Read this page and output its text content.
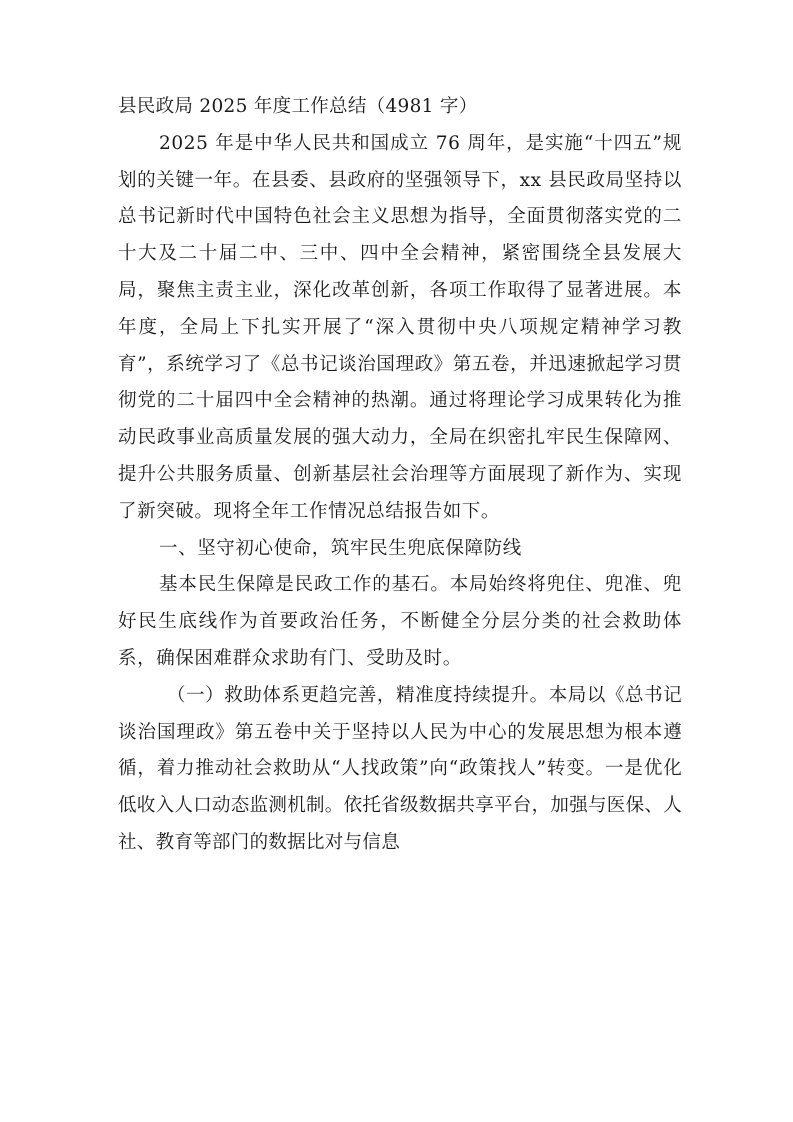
县民政局 2025 年度工作总结（4981 字）

2025 年是中华人民共和国成立 76 周年，是实施“十四五”规划的关键一年。在县委、县政府的坚强领导下，xx 县民政局坚持以总书记新时代中国特色社会主义思想为指导，全面贯彻落实党的二十大及二十届二中、三中、四中全会精神，紧密围绕全县发展大局，聚焦主责主业，深化改革创新，各项工作取得了显著进展。本年度，全局上下扎实开展了“深入贯彻中央八项规定精神学习教育”，系统学习了《总书记谈治国理政》第五卷，并迅速掀起学习贯彻党的二十届四中全会精神的热潮。通过将理论学习成果转化为推动民政事业高质量发展的强大动力，全局在织密扎牢民生保障网、提升公共服务质量、创新基层社会治理等方面展现了新作为、实现了新突破。现将全年工作情况总结报告如下。

一、坚守初心使命，筑牢民生兜底保障防线

基本民生保障是民政工作的基石。本局始终将兜住、兜准、兜好民生底线作为首要政治任务，不断健全分层分类的社会救助体系，确保困难群众求助有门、受助及时。

（一）救助体系更趋完善，精准度持续提升。本局以《总书记谈治国理政》第五卷中关于坚持以人民为中心的发展思想为根本遵循，着力推动社会救助从“人找政策”向“政策找人”转变。一是优化低收入人口动态监测机制。依托省级数据共享平台，加强与医保、人社、教育等部门的数据比对与信息
